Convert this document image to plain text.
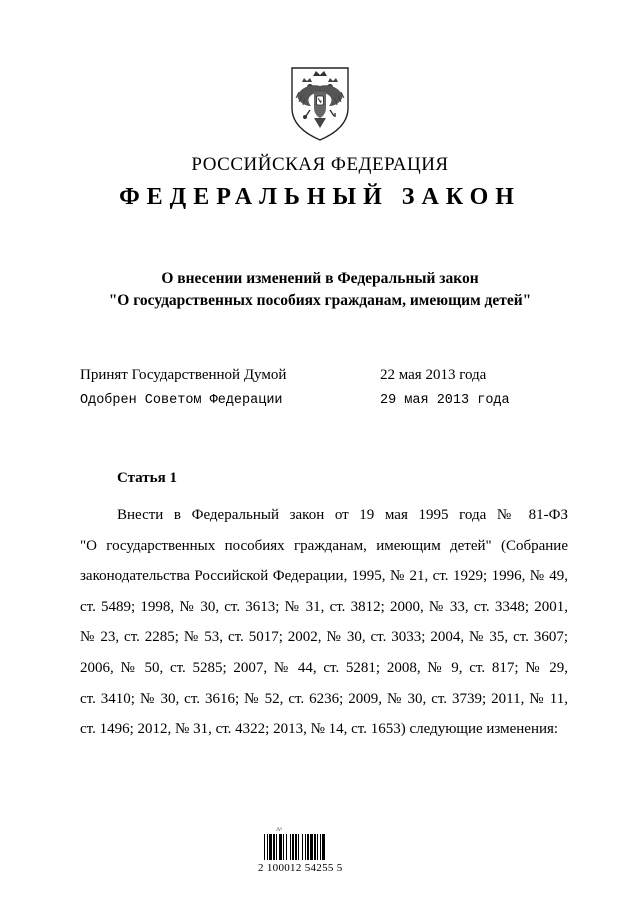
РОССИЙСКАЯ ФЕДЕРАЦИЯ
ФЕДЕРАЛЬНЫЙ ЗАКОН
О внесении изменений в Федеральный закон
"О государственных пособиях гражданам, имеющим детей"
Принят Государственной Думой	22 мая 2013 года
Одобрен Советом Федерации	29 мая 2013 года
Статья 1
Внести в Федеральный закон от 19 мая 1995 года № 81-ФЗ
"О государственных пособиях гражданам, имеющим детей" (Собрание
законодательства Российской Федерации, 1995, № 21, ст. 1929; 1996, № 49,
ст. 5489; 1998, № 30, ст. 3613; № 31, ст. 3812; 2000, № 33, ст. 3348; 2001,
№ 23, ст. 2285; № 53, ст. 5017; 2002, № 30, ст. 3033; 2004, № 35, ст. 3607;
2006, № 50, ст. 5285; 2007, № 44, ст. 5281; 2008, № 9, ст. 817; № 29,
ст. 3410; № 30, ст. 3616; № 52, ст. 6236; 2009, № 30, ст. 3739; 2011, № 11,
ст. 1496; 2012, № 31, ст. 4322; 2013, № 14, ст. 1653) следующие изменения:
Aᵘ
2 100012 54255 5
